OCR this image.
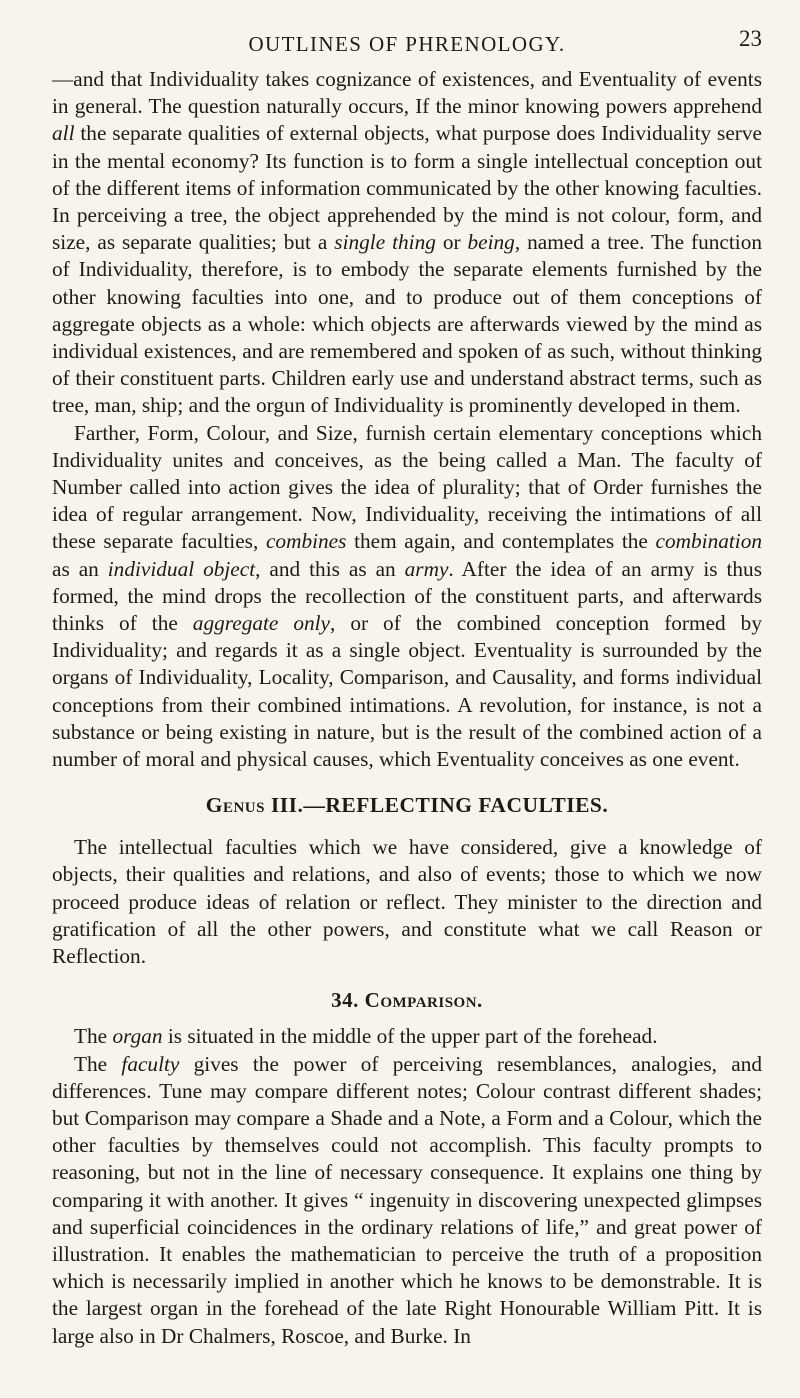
OUTLINES OF PHRENOLOGY.	23

—and that Individuality takes cognizance of existences, and Eventuality of events in general. The question naturally occurs, If the minor knowing powers apprehend all the separate qualities of external objects, what purpose does Individuality serve in the mental economy? Its function is to form a single intellectual conception out of the different items of information communicated by the other knowing faculties. In perceiving a tree, the object apprehended by the mind is not colour, form, and size, as separate qualities; but a single thing or being, named a tree. The function of Individuality, therefore, is to embody the separate elements furnished by the other knowing faculties into one, and to produce out of them conceptions of aggregate objects as a whole: which objects are afterwards viewed by the mind as individual existences, and are remembered and spoken of as such, without thinking of their constituent parts. Children early use and understand abstract terms, such as tree, man, ship; and the orgun of Individuality is prominently developed in them.

Farther, Form, Colour, and Size, furnish certain elementary conceptions which Individuality unites and conceives, as the being called a Man. The faculty of Number called into action gives the idea of plurality; that of Order furnishes the idea of regular arrangement. Now, Individuality, receiving the intimations of all these separate faculties, combines them again, and contemplates the combination as an individual object, and this as an army. After the idea of an army is thus formed, the mind drops the recollection of the constituent parts, and afterwards thinks of the aggregate only, or of the combined conception formed by Individuality; and regards it as a single object. Eventuality is surrounded by the organs of Individuality, Locality, Comparison, and Causality, and forms individual conceptions from their combined intimations. A revolution, for instance, is not a substance or being existing in nature, but is the result of the combined action of a number of moral and physical causes, which Eventuality conceives as one event.

Genus III.—REFLECTING FACULTIES.

The intellectual faculties which we have considered, give a knowledge of objects, their qualities and relations, and also of events; those to which we now proceed produce ideas of relation or reflect. They minister to the direction and gratification of all the other powers, and constitute what we call Reason or Reflection.

34. Comparison.

The organ is situated in the middle of the upper part of the forehead.

The faculty gives the power of perceiving resemblances, analogies, and differences. Tune may compare different notes; Colour contrast different shades; but Comparison may compare a Shade and a Note, a Form and a Colour, which the other faculties by themselves could not accomplish. This faculty prompts to reasoning, but not in the line of necessary consequence. It explains one thing by comparing it with another. It gives “ ingenuity in discovering unexpected glimpses and superficial coincidences in the ordinary relations of life,” and great power of illustration. It enables the mathematician to perceive the truth of a proposition which is necessarily implied in another which he knows to be demonstrable. It is the largest organ in the forehead of the late Right Honourable William Pitt. It is large also in Dr Chalmers, Roscoe, and Burke. In
